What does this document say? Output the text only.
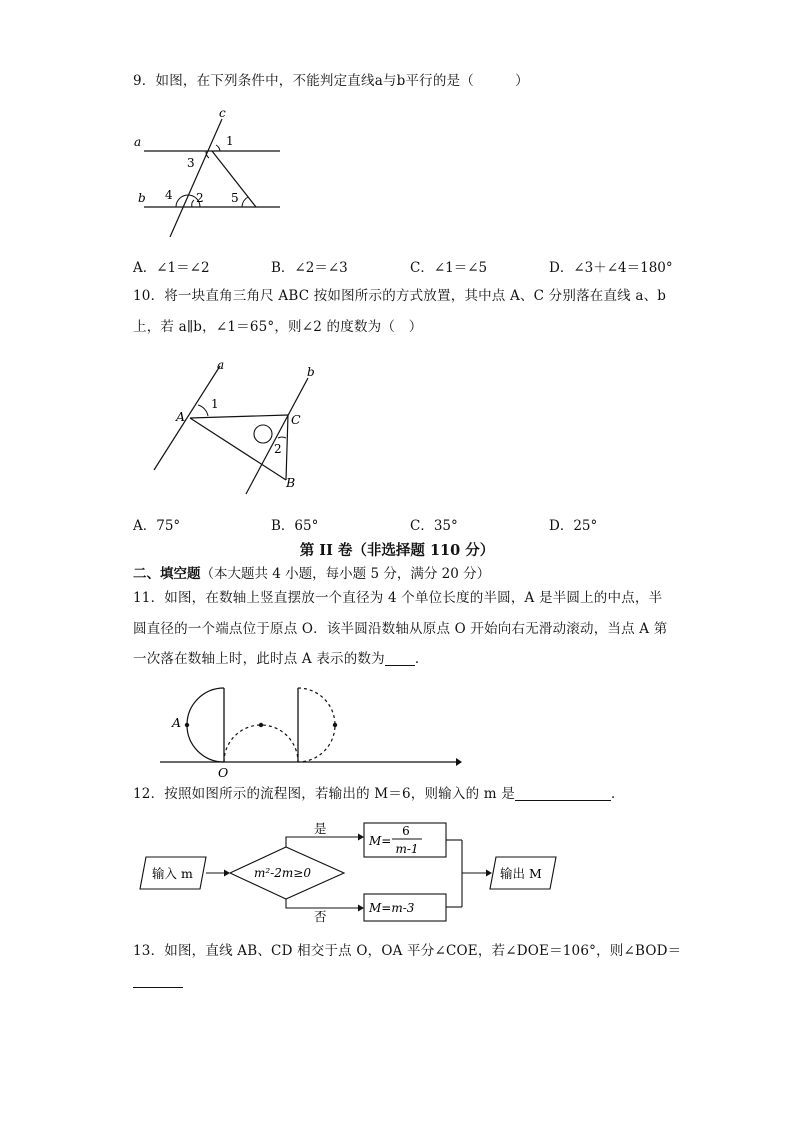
9．如图，在下列条件中，不能判定直线a与b平行的是（　　　）
a
b
c
1
3
4 2 5
A．∠1＝∠2	B．∠2＝∠3	C．∠1＝∠5	D．∠3＋∠4＝180°
10．将一块直角三角尺 ABC 按如图所示的方式放置，其中点 A、C 分别落在直线 a、b
上，若 a∥b，∠1＝65°，则∠2 的度数为（　）
a	b
A	C
B
1
2
A．75°	B．65°	C．35°	D．25°
第 II 卷（非选择题 110 分）
二、填空题（本大题共 4 小题，每小题 5 分，满分 20 分）
11．如图，在数轴上竖直摆放一个直径为 4 个单位长度的半圆，A 是半圆上的中点，半
圆直径的一个端点位于原点 O．该半圆沿数轴从原点 O 开始向右无滑动滚动，当点 A 第
一次落在数轴上时，此时点 A 表示的数为 ．
A
O
12．按照如图所示的流程图，若输出的 M＝6，则输入的 m 是	．
输入 m	m²-2m≥0
是
M=
6
m-1
否
M=m-3
输出 M
13．如图，直线 AB、CD 相交于点 O，OA 平分∠COE，若∠DOE＝106°，则∠BOD＝
